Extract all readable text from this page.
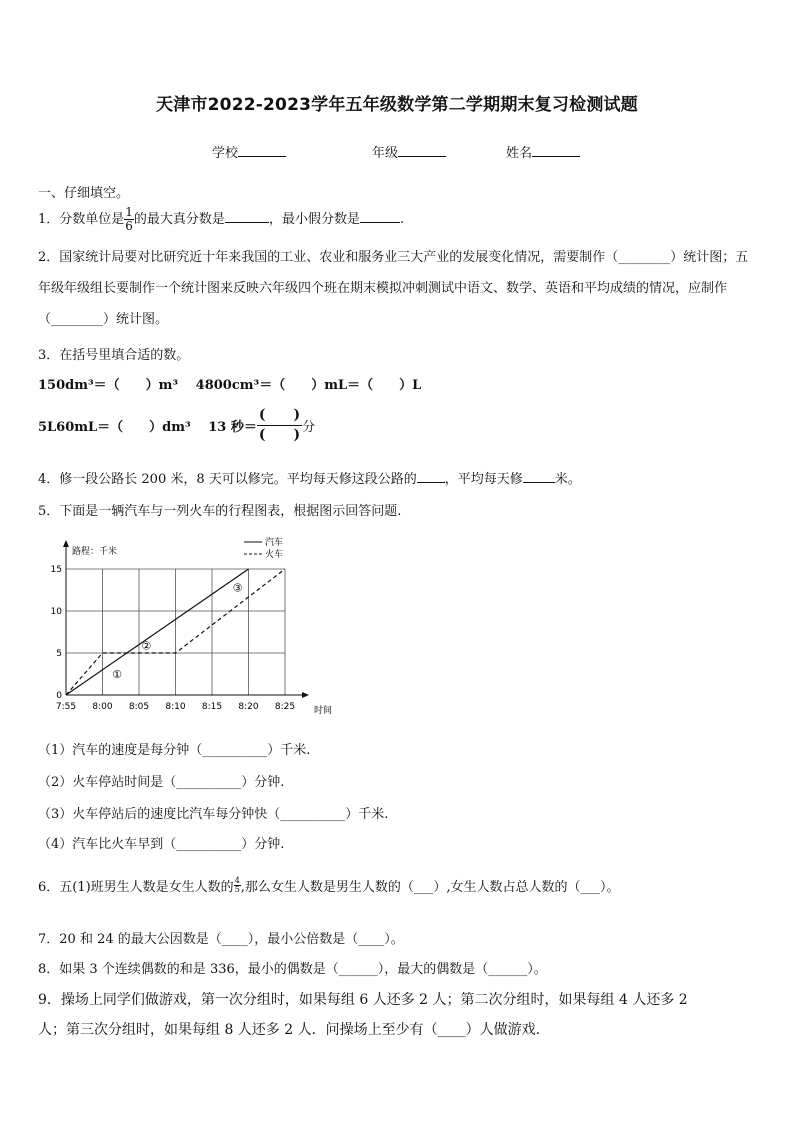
天津市2022-2023学年五年级数学第二学期期末复习检测试题
学校	年级	姓名
一、仔细填空。
1．分数单位是 $\frac{1}{6}$ 的最大真分数是	，最小假分数是	.
2．国家统计局要对比研究近十年来我国的工业、农业和服务业三大产业的发展变化情况，需要制作（________）统计图；五年级年级组长要制作一个统计图来反映六年级四个班在期末模拟冲刺测试中语文、数学、英语和平均成绩的情况，应制作（________）统计图。
3．在括号里填合适的数。
150dm³＝（　　）m³　 4800cm³＝（　　）mL＝（　　）L
5L60mL＝（　　）dm³　 13 秒＝ $\frac{( )}{( )}$ 分
4．修一段公路长 200 米，8 天可以修完。平均每天修这段公路的 ，平均每天修 米。
5．下面是一辆汽车与一列火车的行程图表，根据图示回答问题.
7:55 8:00 8:05 8:10 8:15 8:20 8:25
0
5
10
15
①
②
③
汽车
火车
路程：千米
时间
（1）汽车的速度是每分钟（__________）千米.
（2）火车停站时间是（__________）分钟.
（3）火车停站后的速度比汽车每分钟快（__________）千米.
（4）汽车比火车早到（__________）分钟.
6．五(1)班男生人数是女生人数的 $\frac{4}{5}$ ,那么女生人数是男生人数的（___）,女生人数占总人数的（___）。
7．20 和 24 的最大公因数是（____），最小公倍数是（____）。
8．如果 3 个连续偶数的和是 336，最小的偶数是（______），最大的偶数是（______）。
9．操场上同学们做游戏，第一次分组时，如果每组 6 人还多 2 人；第二次分组时，如果每组 4 人还多 2
人；第三次分组时，如果每组 8 人还多 2 人．问操场上至少有（____）人做游戏.
